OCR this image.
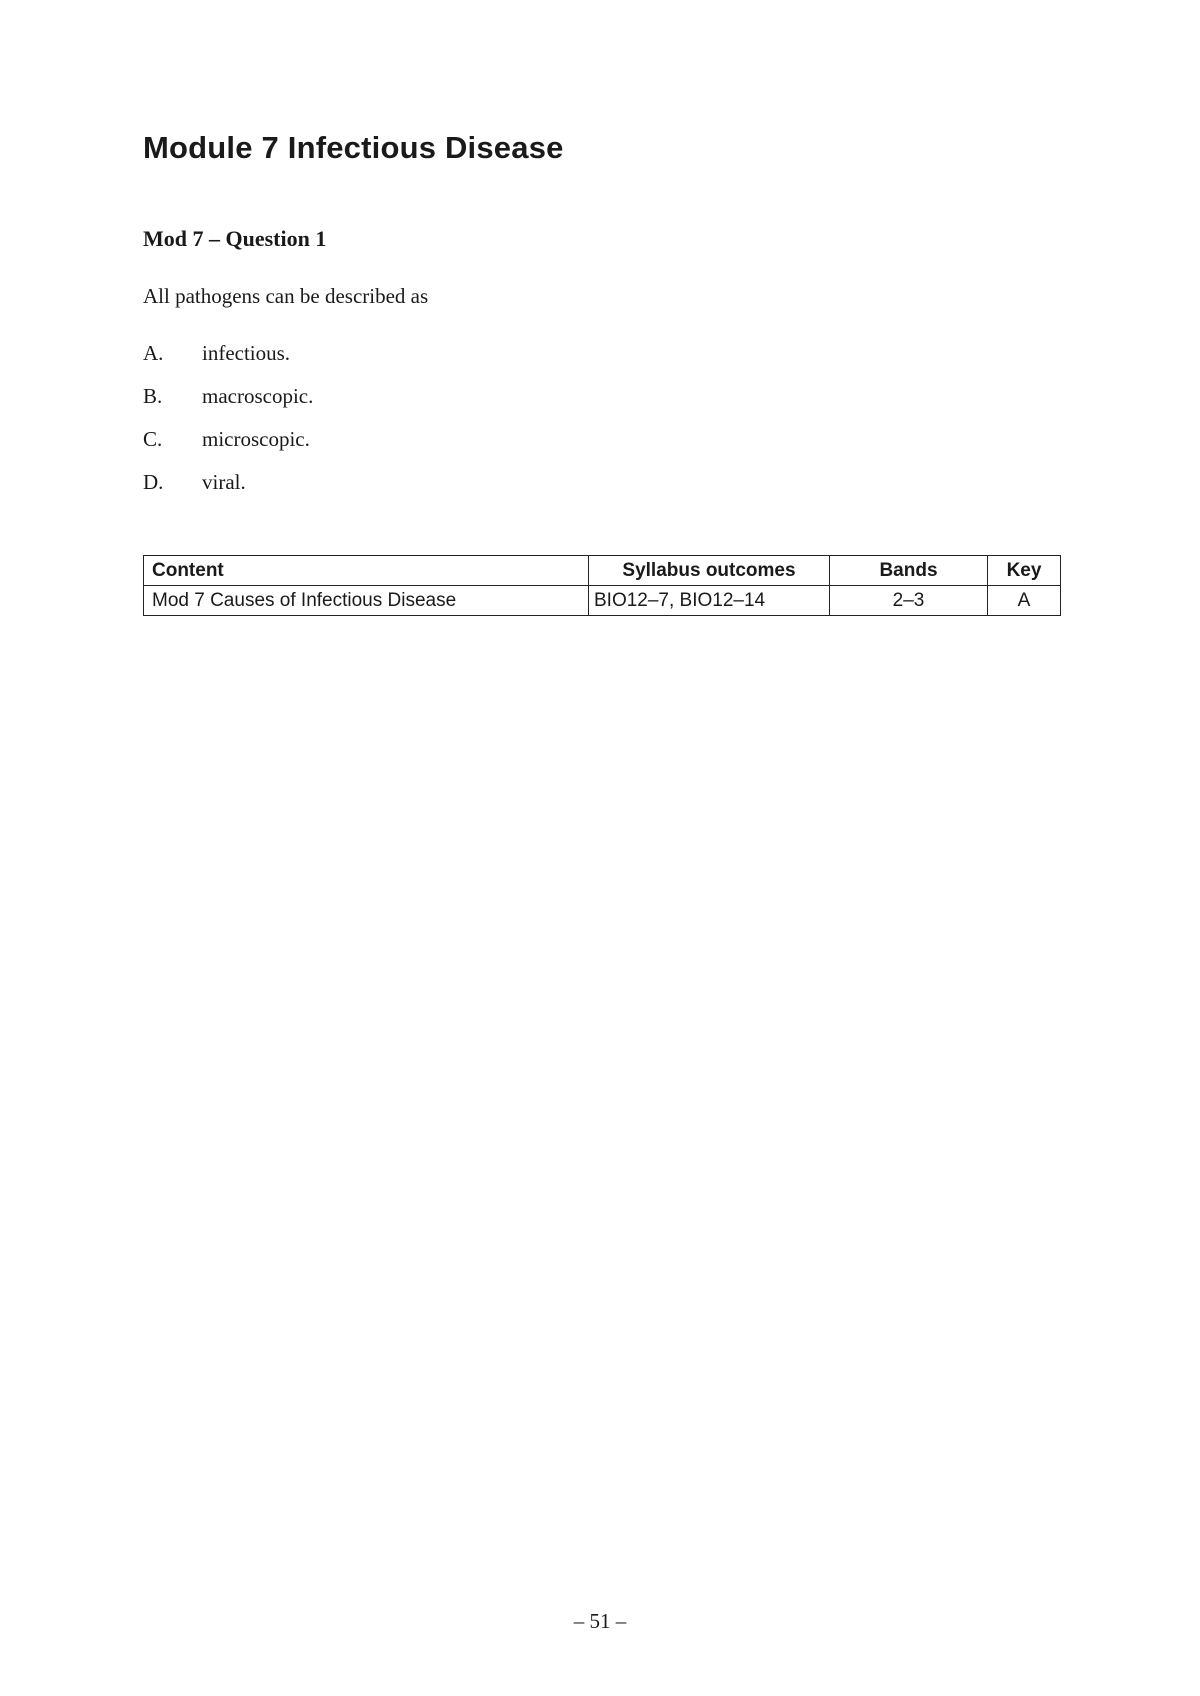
Module 7 Infectious Disease
Mod 7 – Question 1

All pathogens can be described as

A.	infectious.
B.	macroscopic.
C.	microscopic.
D.	viral.
Content	Syllabus outcomes	Bands	Key
Mod 7 Causes of Infectious Disease	BIO12–7, BIO12–14	2–3	A

– 51 –
